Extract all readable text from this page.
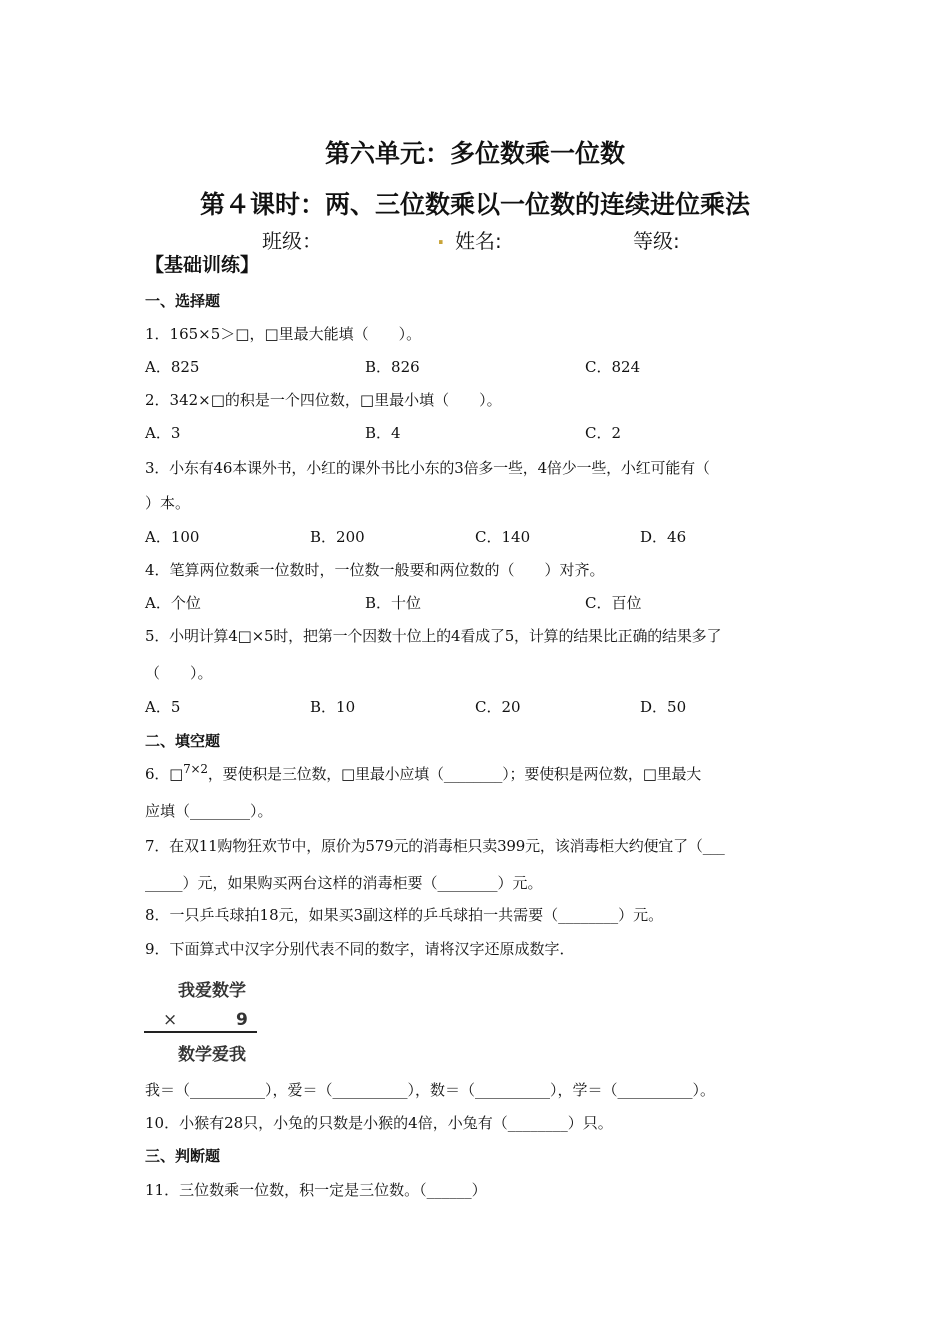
第六单元：多位数乘一位数
第４课时：两、三位数乘以一位数的连续进位乘法
班级：	. 姓名:	等级:
【基础训练】
一、选择题
1．165×5＞□，□里最大能填（　　）。
A．825	B．826	C．824
2．342×□的积是一个四位数，□里最小填（　　）。
A．3	B．4	C．2
3．小东有46本课外书，小红的课外书比小东的3倍多一些，4倍少一些，小红可能有（
）本。
A．100	B．200	C．140	D．46
4．笔算两位数乘一位数时，一位数一般要和两位数的（　　）对齐。
A．个位	B．十位	C．百位
5．小明计算4□×5时，把第一个因数十位上的4看成了5，计算的结果比正确的结果多了
（　　）。
A．5	B．10	C．20	D．50
二、填空题
6．□$^{7\times 2}$，要使积是三位数，□里最小应填（________）；要使积是两位数，□里最大
应填（________）。
7．在双11购物狂欢节中，原价为579元的消毒柜只卖399元，该消毒柜大约便宜了（___
_____）元，如果购买两台这样的消毒柜要（________）元。
8．一只乒乓球拍18元，如果买3副这样的乒乓球拍一共需要（________）元。
9．下面算式中汉字分别代表不同的数字，请将汉字还原成数字．
我爱数学
×	9
数学爱我
我＝（__________），爱＝（__________），数＝（__________），学＝（__________）。
10．小猴有28只，小兔的只数是小猴的4倍，小兔有（________）只。
三、判断题
11．三位数乘一位数，积一定是三位数。（______）
